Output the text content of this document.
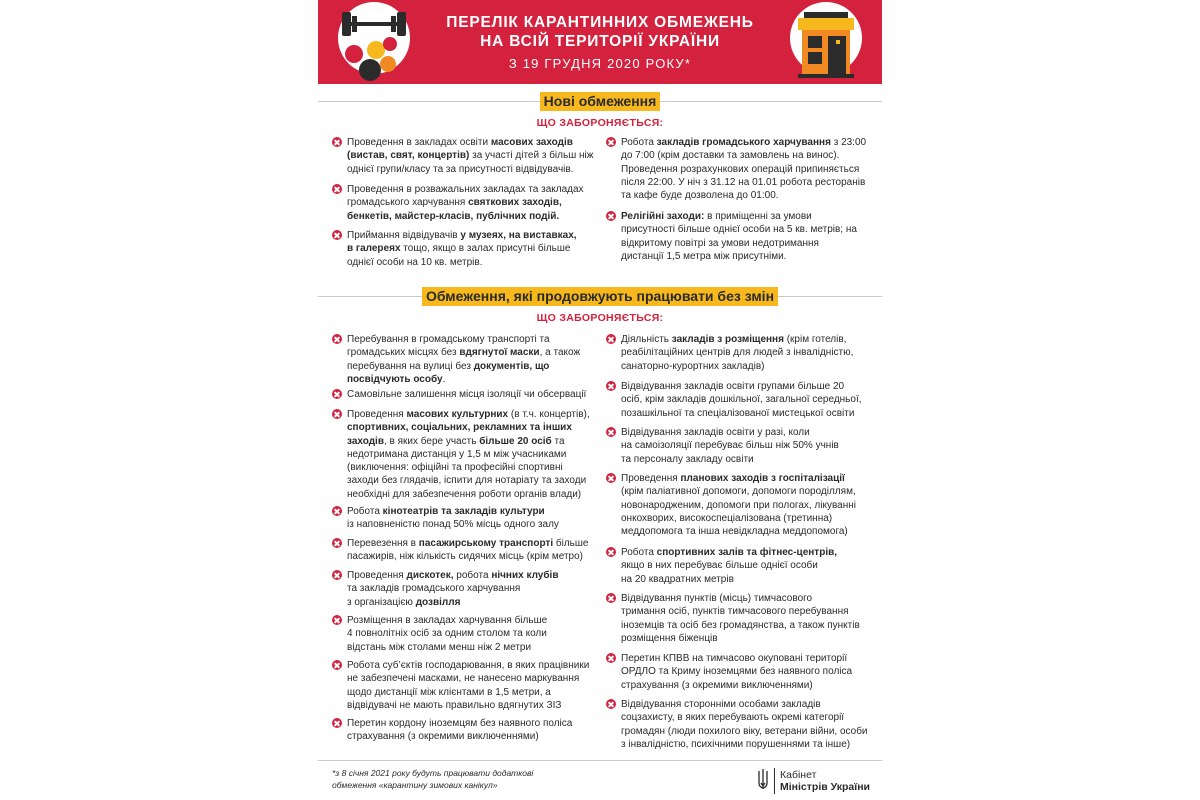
ПЕРЕЛІК КАРАНТИННИХ ОБМЕЖЕНЬ
НА ВСІЙ ТЕРИТОРІЇ УКРАЇНИ
З 19 ГРУДНЯ 2020 РОКУ*
Нові обмеження
ЩО ЗАБОРОНЯЄТЬСЯ:
Проведення в закладах освіти масових заходів
(вистав, свят, концертів) за участі дітей з більш ніж
однієї групи/класу та за присутності відвідувачів.
Проведення в розважальних закладах та закладах
громадського харчування святкових заходів,
бенкетів, майстер-класів, публічних подій.
Приймання відвідувачів у музеях, на виставках,
в галереях тощо, якщо в залах присутні більше
однієї особи на 10 кв. метрів.
Робота закладів громадського харчування з 23:00
до 7:00 (крім доставки та замовлень на винос).
Проведення розрахункових операцій припиняється
після 22:00. У ніч з 31.12 на 01.01 робота ресторанів
та кафе буде дозволена до 01:00.
Релігійні заходи: в приміщенні за умови
присутності більше однієї особи на 5 кв. метрів; на
відкритому повітрі за умови недотримання
дистанції 1,5 метра між присутніми.
Обмеження, які продовжують працювати без змін
ЩО ЗАБОРОНЯЄТЬСЯ:
Перебування в громадському транспорті та
громадських місцях без вдягнутої маски, а також
перебування на вулиці без документів, що
посвідчують особу.
Самовільне залишення місця ізоляції чи обсервації
Проведення масових культурних (в т.ч. концертів),
спортивних, соціальних, рекламних та інших
заходів, в яких бере участь більше 20 осіб та
недотримана дистанція у 1,5 м між учасниками
(виключення: офіційні та професійні спортивні
заходи без глядачів, іспити для нотаріату та заходи
необхідні для забезпечення роботи органів влади)
Робота кінотеатрів та закладів культури
із наповненістю понад 50% місць одного залу
Перевезення в пасажирському транспорті більше
пасажирів, ніж кількість сидячих місць (крім метро)
Проведення дискотек, робота нічних клубів
та закладів громадського харчування
з організацією дозвілля
Розміщення в закладах харчування більше
4 повнолітніх осіб за одним столом та коли
відстань між столами менш ніж 2 метри
Робота суб’єктів господарювання, в яких працівники
не забезпечені масками, не нанесено маркування
щодо дистанції між клієнтами в 1,5 метри, а
відвідувачі не мають правильно вдягнутих ЗІЗ
Перетин кордону іноземцям без наявного поліса
страхування (з окремими виключеннями)
Діяльність закладів з розміщення (крім готелів,
реабілітаційних центрів для людей з інвалідністю,
санаторно-курортних закладів)
Відвідування закладів освіти групами більше 20
осіб, крім закладів дошкільної, загальної середньої,
позашкільної та спеціалізованої мистецької освіти
Відвідування закладів освіти у разі, коли
на самоізоляції перебуває більш ніж 50% учнів
та персоналу закладу освіти
Проведення планових заходів з госпіталізації
(крім паліативної допомоги, допомоги породіллям,
новонародженим, допомоги при пологах, лікуванні
онкохворих, високоспеціалізована (третинна)
меддопомога та інша невідкладна меддопомога)
Робота спортивних залів та фітнес-центрів,
якщо в них перебуває більше однієї особи
на 20 квадратних метрів
Відвідування пунктів (місць) тимчасового
тримання осіб, пунктів тимчасового перебування
іноземців та осіб без громадянства, а також пунктів
розміщення біженців
Перетин КПВВ на тимчасово окуповані території
ОРДЛО та Криму іноземцями без наявного поліса
страхування (з окремими виключеннями)
Відвідування сторонніми особами закладів
соцзахисту, в яких перебувають окремі категорії
громадян (люди похилого віку, ветерани війни, особи
з інвалідністю, психічними порушеннями та інше)
*з 8 січня 2021 року будуть працювати додаткові
обмеження «карантину зимових канікул»
Кабінет
Міністрів України
